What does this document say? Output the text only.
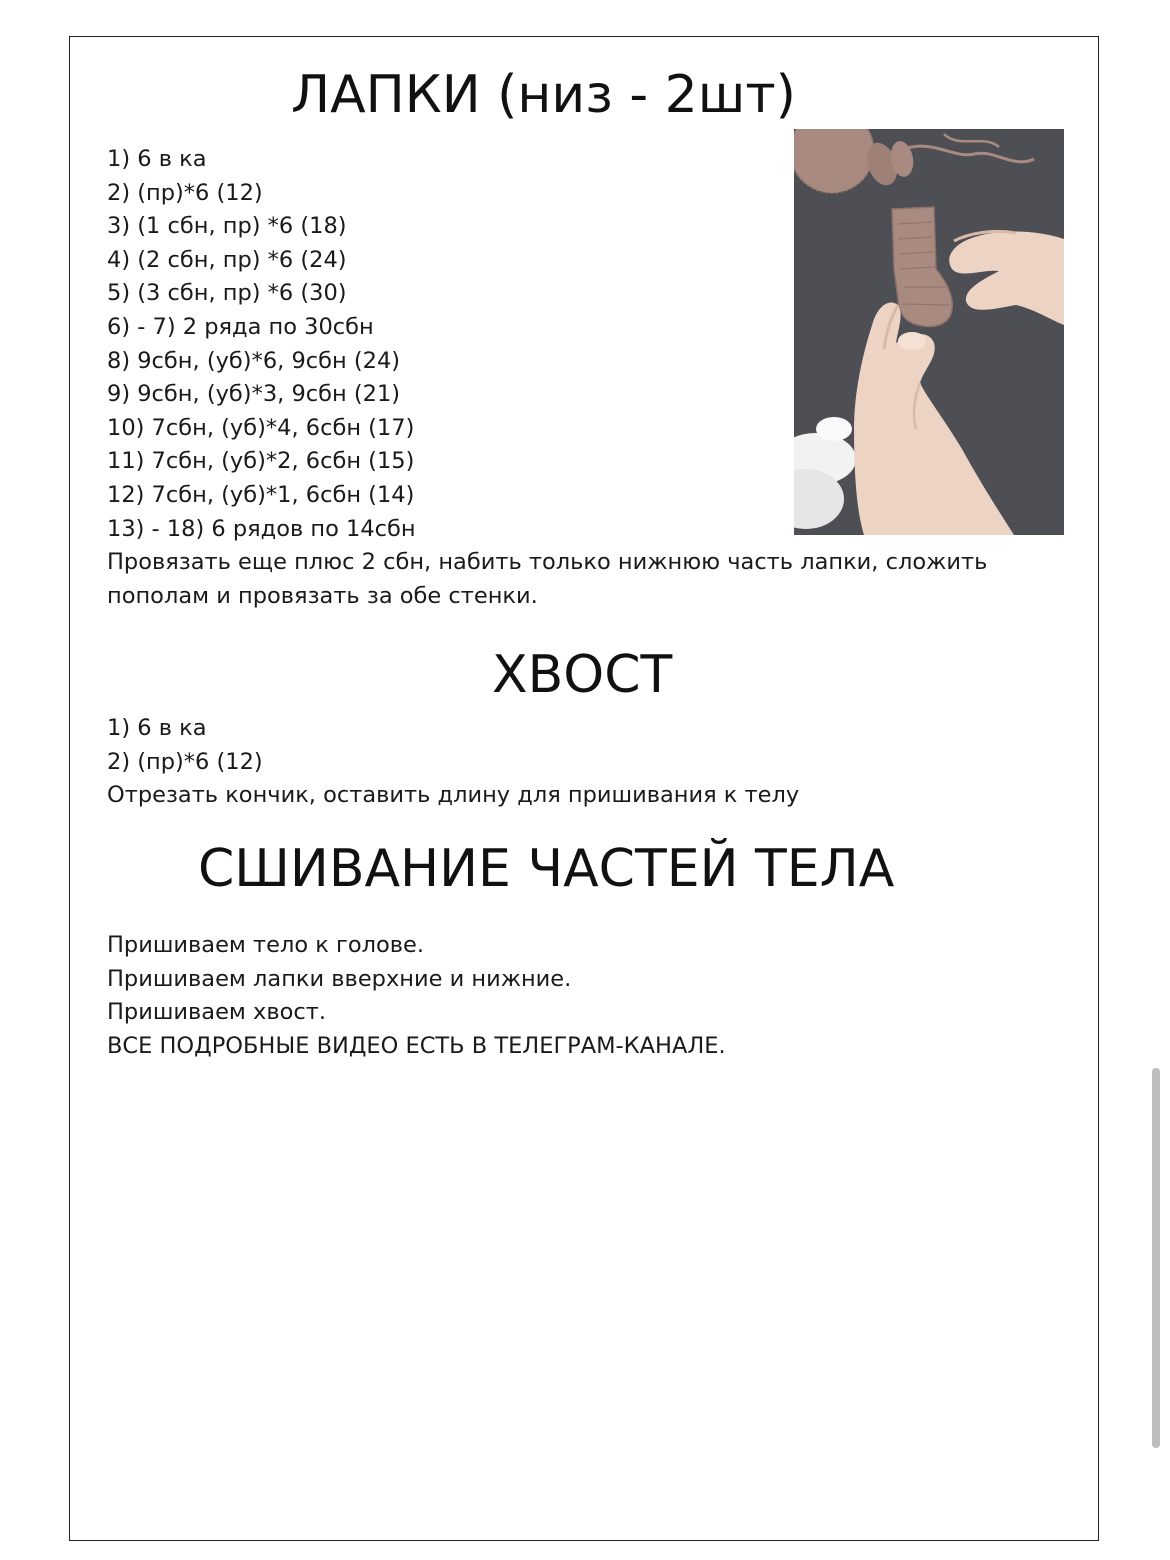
ЛАПКИ (низ - 2шт)
1) 6 в ка
2) (пр)*6 (12)
3) (1 сбн, пр) *6 (18)
4) (2 сбн, пр) *6 (24)
5) (3 сбн, пр) *6 (30)
6) - 7) 2 ряда по 30сбн
8) 9сбн, (уб)*6, 9сбн (24)
9) 9сбн, (уб)*3, 9сбн (21)
10) 7сбн, (уб)*4, 6сбн (17)
11) 7сбн, (уб)*2, 6сбн (15)
12) 7сбн, (уб)*1, 6сбн (14)
13) - 18) 6 рядов по 14сбн
Провязать еще плюс 2 сбн, набить только нижнюю часть лапки, сложить пополам и провязать за обе стенки.
ХВОСТ
1) 6 в ка
2) (пр)*6 (12)
Отрезать кончик, оставить длину для пришивания к телу
СШИВАНИЕ ЧАСТЕЙ ТЕЛА
Пришиваем тело к голове.
Пришиваем лапки вверхние и нижние.
Пришиваем хвост.
ВСЕ ПОДРОБНЫЕ ВИДЕО ЕСТЬ В ТЕЛЕГРАМ-КАНАЛЕ.
